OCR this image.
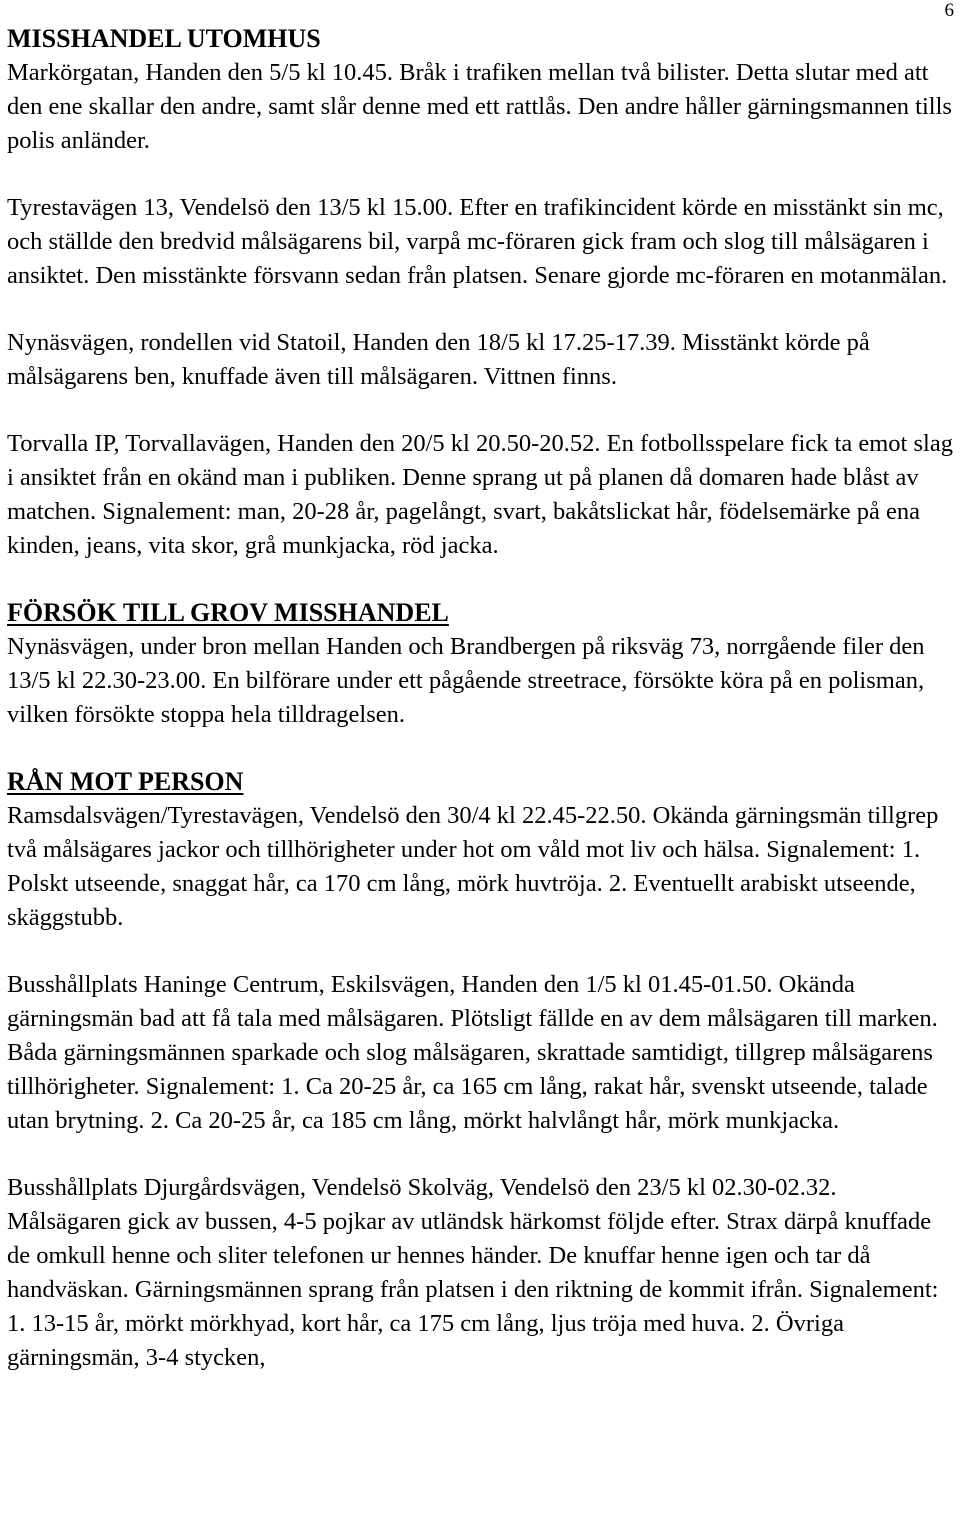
6
MISSHANDEL UTOMHUS

Markörgatan, Handen den 5/5 kl 10.45. Bråk i trafiken mellan två bilister. Detta slutar med att den ene skallar den andre, samt slår denne med ett rattlås. Den andre håller gärningsmannen tills polis anländer.

Tyrestavägen 13, Vendelsö den 13/5 kl 15.00. Efter en trafikincident körde en misstänkt sin mc, och ställde den bredvid målsägarens bil, varpå mc-föraren gick fram och slog till målsägaren i ansiktet. Den misstänkte försvann sedan från platsen. Senare gjorde mc-föraren en motanmälan.

Nynäsvägen, rondellen vid Statoil, Handen den 18/5 kl 17.25-17.39. Misstänkt körde på målsägarens ben, knuffade även till målsägaren. Vittnen finns.

Torvalla IP, Torvallavägen, Handen den 20/5 kl 20.50-20.52. En fotbollsspelare fick ta emot slag i ansiktet från en okänd man i publiken. Denne sprang ut på planen då domaren hade blåst av matchen. Signalement: man, 20-28 år, pagelångt, svart, bakåtslickat hår, födelsemärke på ena kinden, jeans, vita skor, grå munkjacka, röd jacka.

FÖRSÖK TILL GROV MISSHANDEL

Nynäsvägen, under bron mellan Handen och Brandbergen på riksväg 73, norrgående filer den 13/5 kl 22.30-23.00. En bilförare under ett pågående streetrace, försökte köra på en polisman, vilken försökte stoppa hela tilldragelsen.

RÅN MOT PERSON

Ramsdalsvägen/Tyrestavägen, Vendelsö den 30/4 kl 22.45-22.50. Okända gärningsmän tillgrep två målsägares jackor och tillhörigheter under hot om våld mot liv och hälsa. Signalement: 1. Polskt utseende, snaggat hår, ca 170 cm lång, mörk huvtröja. 2. Eventuellt arabiskt utseende, skäggstubb.

Busshållplats Haninge Centrum, Eskilsvägen, Handen den 1/5 kl 01.45-01.50. Okända gärningsmän bad att få tala med målsägaren. Plötsligt fällde en av dem målsägaren till marken. Båda gärningsmännen sparkade och slog målsägaren, skrattade samtidigt, tillgrep målsägarens tillhörigheter. Signalement: 1. Ca 20-25 år, ca 165 cm lång, rakat hår, svenskt utseende, talade utan brytning. 2. Ca 20-25 år, ca 185 cm lång, mörkt halvlångt hår, mörk munkjacka.

Busshållplats Djurgårdsvägen, Vendelsö Skolväg, Vendelsö den 23/5 kl 02.30-02.32. Målsägaren gick av bussen, 4-5 pojkar av utländsk härkomst följde efter. Strax därpå knuffade de omkull henne och sliter telefonen ur hennes händer. De knuffar henne igen och tar då handväskan. Gärningsmännen sprang från platsen i den riktning de kommit ifrån. Signalement: 1. 13-15 år, mörkt mörkhyad, kort hår, ca 175 cm lång, ljus tröja med huva. 2. Övriga gärningsmän, 3-4 stycken,
